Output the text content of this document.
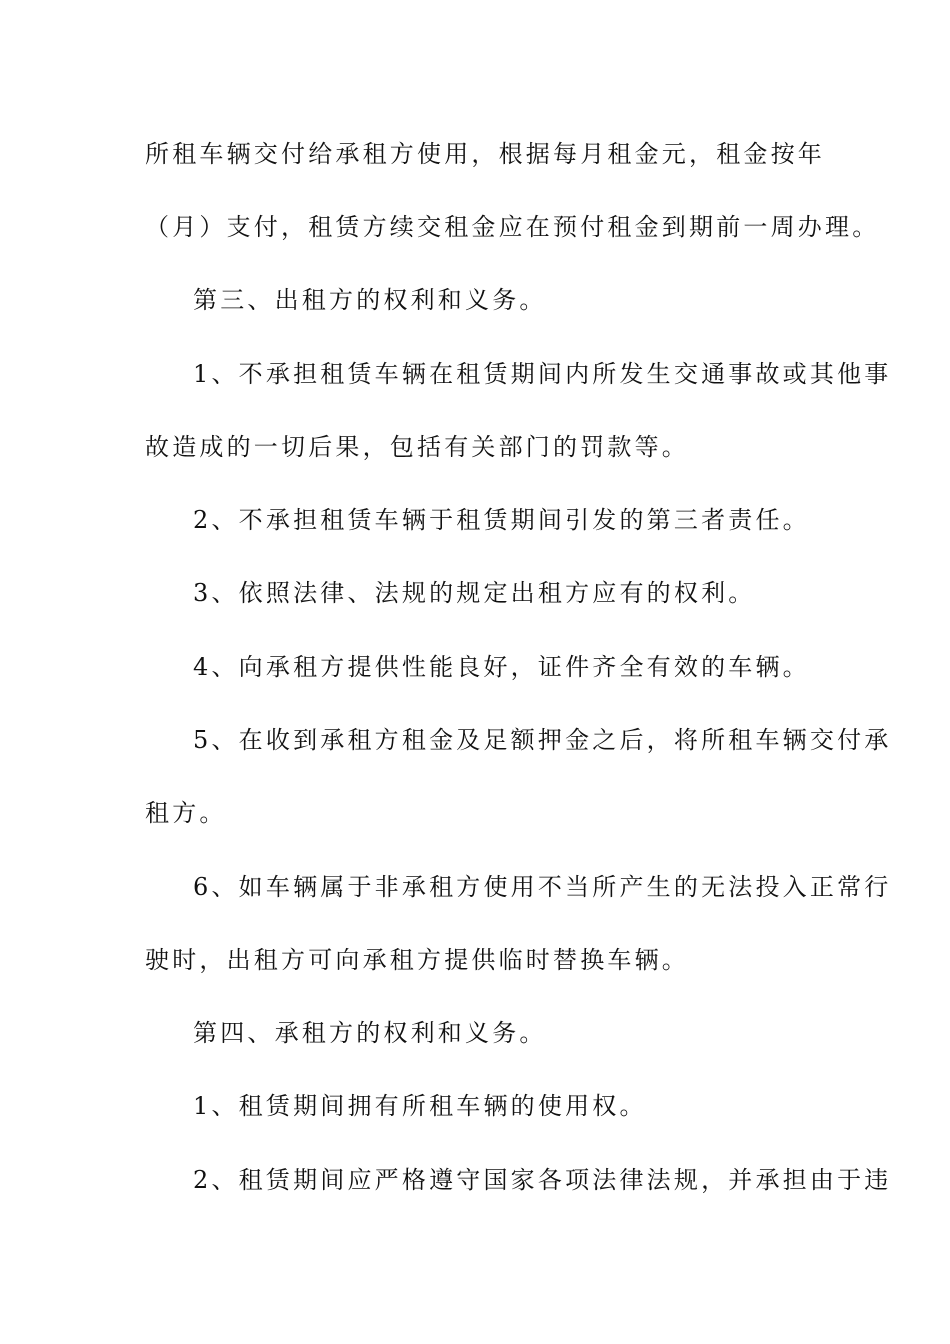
所租车辆交付给承租方使用，根据每月租金元，租金按年
（月）支付，租赁方续交租金应在预付租金到期前一周办理。
第三、出租方的权利和义务。
1、不承担租赁车辆在租赁期间内所发生交通事故或其他事
故造成的一切后果，包括有关部门的罚款等。
2、不承担租赁车辆于租赁期间引发的第三者责任。
3、依照法律、法规的规定出租方应有的权利。
4、向承租方提供性能良好，证件齐全有效的车辆。
5、在收到承租方租金及足额押金之后，将所租车辆交付承
租方。
6、如车辆属于非承租方使用不当所产生的无法投入正常行
驶时，出租方可向承租方提供临时替换车辆。
第四、承租方的权利和义务。
1、租赁期间拥有所租车辆的使用权。
2、租赁期间应严格遵守国家各项法律法规，并承担由于违
